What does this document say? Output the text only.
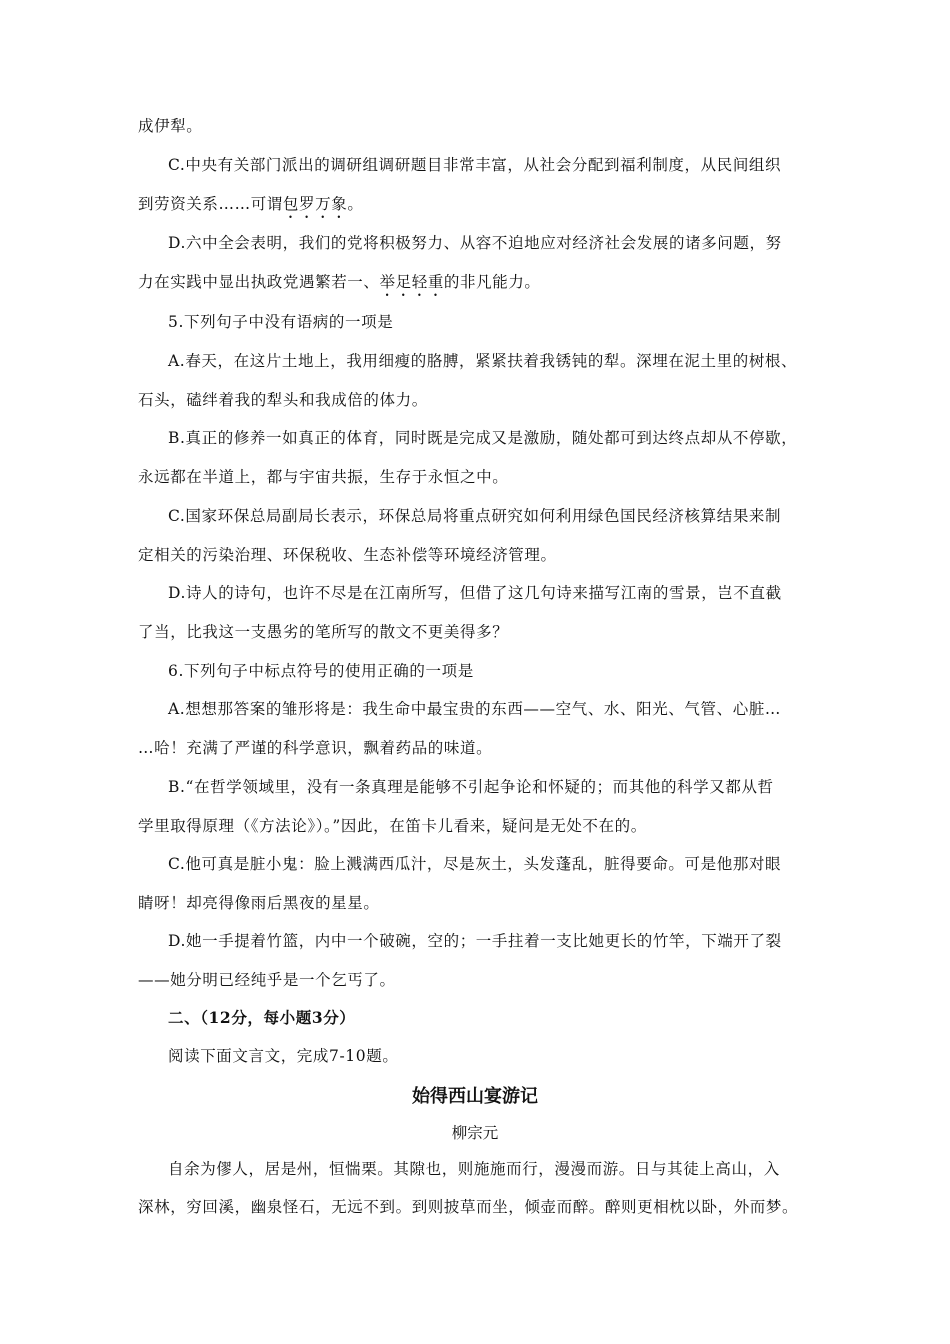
成伊犁。
C.中央有关部门派出的调研组调研题目非常丰富，从社会分配到福利制度，从民间组织
到劳资关系……可谓包罗万象。
D.六中全会表明，我们的党将积极努力、从容不迫地应对经济社会发展的诸多问题，努
力在实践中显出执政党遇繁若一、举足轻重的非凡能力。
5.下列句子中没有语病的一项是
A.春天，在这片土地上，我用细瘦的胳膊，紧紧扶着我锈钝的犁。深埋在泥土里的树根、
石头，磕绊着我的犁头和我成倍的体力。
B.真正的修养一如真正的体育，同时既是完成又是激励，随处都可到达终点却从不停歇，
永远都在半道上，都与宇宙共振，生存于永恒之中。
C.国家环保总局副局长表示，环保总局将重点研究如何利用绿色国民经济核算结果来制
定相关的污染治理、环保税收、生态补偿等环境经济管理。
D.诗人的诗句，也许不尽是在江南所写，但借了这几句诗来描写江南的雪景，岂不直截
了当，比我这一支愚劣的笔所写的散文不更美得多？
6.下列句子中标点符号的使用正确的一项是
A.想想那答案的雏形将是：我生命中最宝贵的东西——空气、水、阳光、气管、心脏…
…哈！充满了严谨的科学意识，飘着药品的味道。
B.“在哲学领域里，没有一条真理是能够不引起争论和怀疑的；而其他的科学又都从哲
学里取得原理（《方法论》）。”因此，在笛卡儿看来，疑问是无处不在的。
C.他可真是脏小鬼：脸上溅满西瓜汁，尽是灰土，头发蓬乱，脏得要命。可是他那对眼
睛呀！却亮得像雨后黑夜的星星。
D.她一手提着竹篮，内中一个破碗，空的；一手拄着一支比她更长的竹竿，下端开了裂
——她分明已经纯乎是一个乞丐了。
二、（12分，每小题3分）
阅读下面文言文，完成7-10题。
始得西山宴游记
柳宗元
自余为僇人，居是州，恒惴栗。其隙也，则施施而行，漫漫而游。日与其徒上高山，入
深林，穷回溪，幽泉怪石，无远不到。到则披草而坐，倾壶而醉。醉则更相枕以卧，外而梦。
